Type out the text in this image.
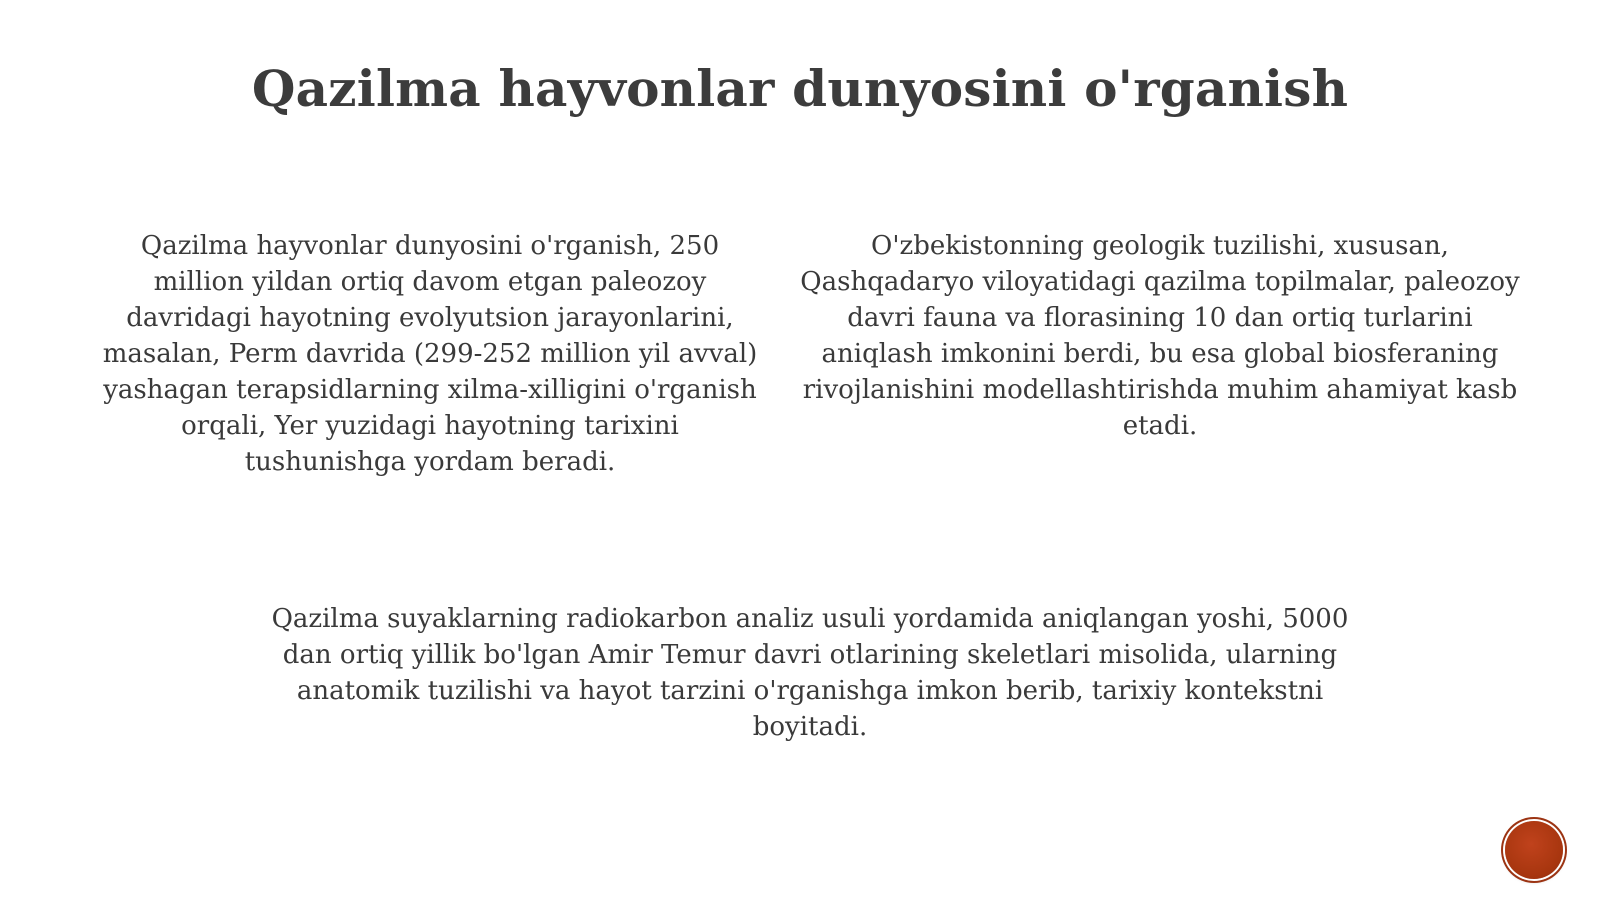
Qazilma hayvonlar dunyosini o'rganish

Qazilma hayvonlar dunyosini o'rganish, 250 million yildan ortiq davom etgan paleozoy davridagi hayotning evolyutsion jarayonlarini, masalan, Perm davrida (299-252 million yil avval) yashagan terapsidlarning xilma-xilligini o'rganish orqali, Yer yuzidagi hayotning tarixini tushunishga yordam beradi.

O'zbekistonning geologik tuzilishi, xususan, Qashqadaryo viloyatidagi qazilma topilmalar, paleozoy davri fauna va florasining 10 dan ortiq turlarini aniqlash imkonini berdi, bu esa global biosferaning rivojlanishini modellashtirishda muhim ahamiyat kasb etadi.

Qazilma suyaklarning radiokarbon analiz usuli yordamida aniqlangan yoshi, 5000 dan ortiq yillik bo'lgan Amir Temur davri otlarining skeletlari misolida, ularning anatomik tuzilishi va hayot tarzini o'rganishga imkon berib, tarixiy kontekstni boyitadi.
